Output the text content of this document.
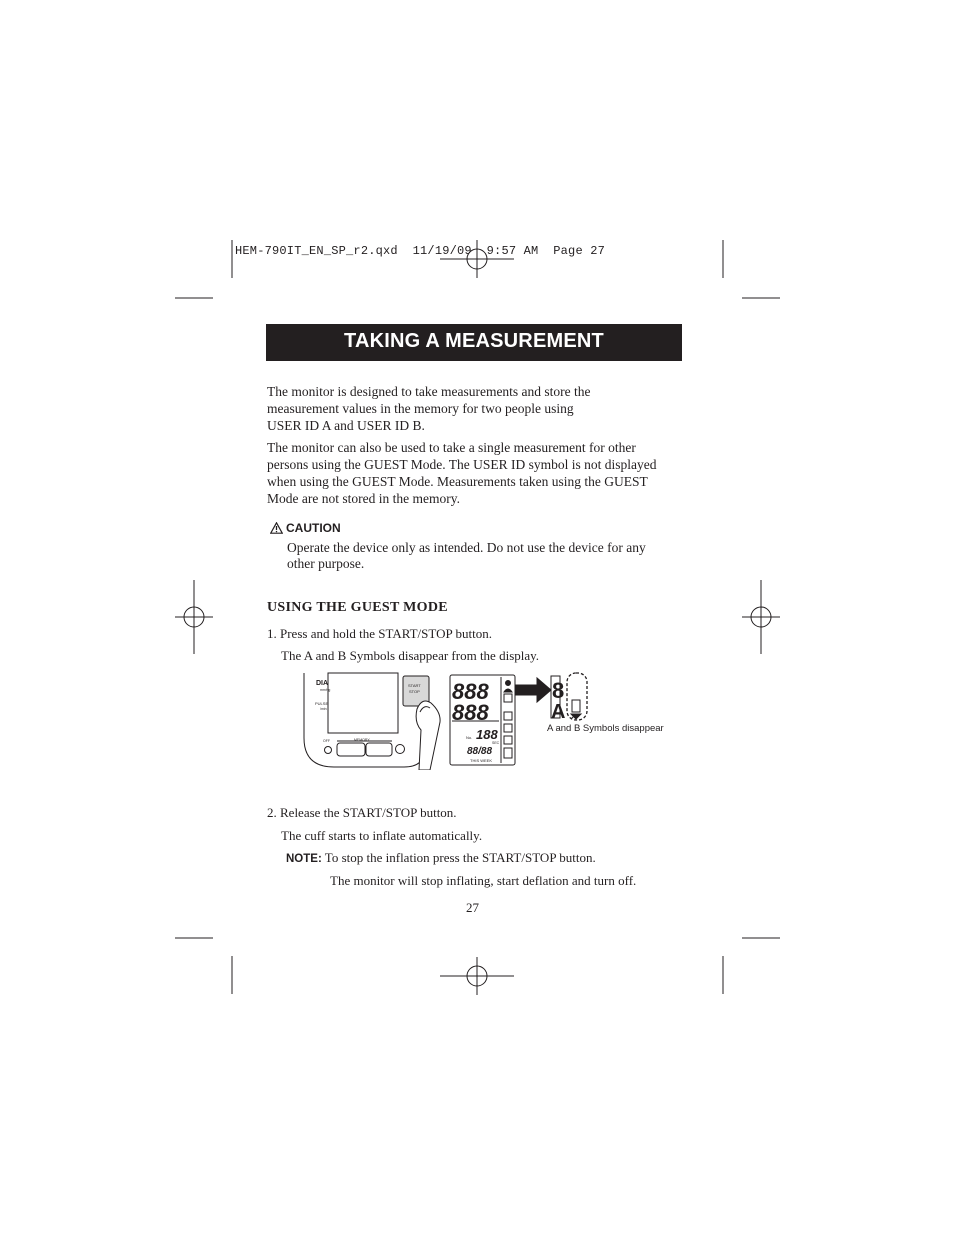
HEM-790IT_EN_SP_r2.qxd  11/19/09  9:57 AM  Page 27
TAKING A MEASUREMENT
The monitor is designed to take measurements and store the
measurement values in the memory for two people using
USER ID A and USER ID B.
The monitor can also be used to take a single measurement for other
persons using the GUEST Mode. The USER ID symbol is not displayed
when using the GUEST Mode. Measurements taken using the GUEST
Mode are not stored in the memory.
CAUTION
Operate the device only as intended. Do not use the device for any
other purpose.
USING THE GUEST MODE
1. Press and hold the START/STOP button.
The A and B Symbols disappear from the display.
DIA
mmHg
PULSE
/min
START
STOP
OFF	MEMORY
888
888
188
88/88
No.
SEC
THIS WEEK
8
A
A and B Symbols disappear
2. Release the START/STOP button.
The cuff starts to inflate automatically.
NOTE: To stop the inflation press the START/STOP button.
The monitor will stop inflating, start deflation and turn off.
27
